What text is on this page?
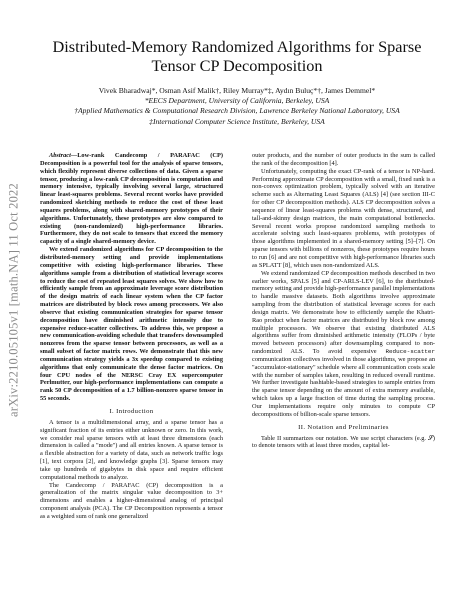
arXiv:2210.05105v1 [math.NA] 11 Oct 2022
Distributed-Memory Randomized Algorithms for Sparse Tensor CP Decomposition
Vivek Bharadwaj*, Osman Asif Malik†, Riley Murray*‡, Aydın Buluç*†, James Demmel*
*EECS Department, University of California, Berkeley, USA
†Applied Mathematics & Computational Research Division, Lawrence Berkeley National Laboratory, USA
‡International Computer Science Institute, Berkeley, USA

Abstract—Low-rank Candecomp / PARAFAC (CP) Decomposition is a powerful tool for the analysis of sparse tensors, which flexibly represent diverse collections of data. Given a sparse tensor, producing a low-rank CP decomposition is computation and memory intensive, typically involving several large, structured linear least-squares problems. Several recent works have provided randomized sketching methods to reduce the cost of these least squares problems, along with shared-memory prototypes of their algorithms. Unfortunately, these prototypes are slow compared to existing (non-randomized) high-performance libraries. Furthermore, they do not scale to tensors that exceed the memory capacity of a single shared-memory device.

We extend randomized algorithms for CP decomposition to the distributed-memory setting and provide implementations competitive with existing high-performance libraries. These algorithms sample from a distribution of statistical leverage scores to reduce the cost of repeated least squares solves. We show how to efficiently sample from an approximate leverage score distribution of the design matrix of each linear system when the CP factor matrices are distributed by block rows among processors. We also observe that existing communication strategies for sparse tensor decomposition have diminished arithmetic intensity due to expensive reduce-scatter collectives. To address this, we propose a new communication-avoiding schedule that transfers downsampled nonzeros from the sparse tensor between processors, as well as a small subset of factor matrix rows. We demonstrate that this new communication strategy yields a 3x speedup compared to existing algorithms that only communicate the dense factor matrices. On four CPU nodes of the NERSC Cray EX supercomputer Perlmutter, our high-performance implementations can compute a rank 50 CP decomposition of a 1.7 billion-nonzero sparse tensor in 55 seconds.

I. Introduction

A tensor is a multidimensional array, and a sparse tensor has a significant fraction of its entries either unknown or zero. In this work, we consider real sparse tensors with at least three dimensions (each dimension is called a "mode") and all entries known. A sparse tensor is a flexible abstraction for a variety of data, such as network traffic logs [1], text corpora [2], and knowledge graphs [3]. Sparse tensors may take up hundreds of gigabytes in disk space and require efficient computational methods to analyze.

The Candecomp / PARAFAC (CP) decomposition is a generalization of the matrix singular value decomposition to 3+ dimensions and enables a higher-dimensional analog of principal component analysis (PCA). The CP Decomposition represents a tensor as a weighted sum of rank one generalized

outer products, and the number of outer products in the sum is called the rank of the decomposition [4].

Unfortunately, computing the exact CP-rank of a tensor is NP-hard. Performing approximate CP decomposition with a small, fixed rank is a non-convex optimization problem, typically solved with an iterative scheme such as Alternating Least Squares (ALS) [4] (see section III-C for other CP decomposition methods). ALS CP decomposition solves a sequence of linear least-squares problems with dense, structured, and tall-and-skinny design matrices, the main computational bottlenecks. Several recent works propose randomized sampling methods to accelerate solving such least-squares problems, with prototypes of those algorithms implemented in a shared-memory setting [5]–[7]. On sparse tensors with billions of nonzeros, these prototypes require hours to run [6] and are not competitive with high-performance libraries such as SPLATT [8], which uses non-randomized ALS.

We extend randomized CP decomposition methods described in two earlier works, SPALS [5] and CP-ARLS-LEV [6], to the distributed-memory setting and provide high-performance parallel implementations to handle massive datasets. Both algorithms involve approximate sampling from the distribution of statistical leverage scores for each design matrix. We demonstrate how to efficiently sample the Khatri-Rao product when factor matrices are distributed by block row among multiple processors. We observe that existing distributed ALS algorithms suffer from diminished arithmetic intensity (FLOPs / byte moved between processors) after downsampling compared to non-randomized ALS. To avoid expensive Reduce-scatter communication collectives involved in those algorithms, we propose an "accumulator-stationary" schedule where all communication costs scale with the number of samples taken, resulting in reduced overall runtime. We further investigate hashtable-based strategies to sample entries from the sparse tensor depending on the amount of extra memory available, which takes up a large fraction of time during the sampling process. Our implementations require only minutes to compute CP decompositions of billion-scale sparse tensors.

II. Notation and Preliminaries

Table II summarizes our notation. We use script characters (e.g. 𝒮) to denote tensors with at least three modes, capital let-
